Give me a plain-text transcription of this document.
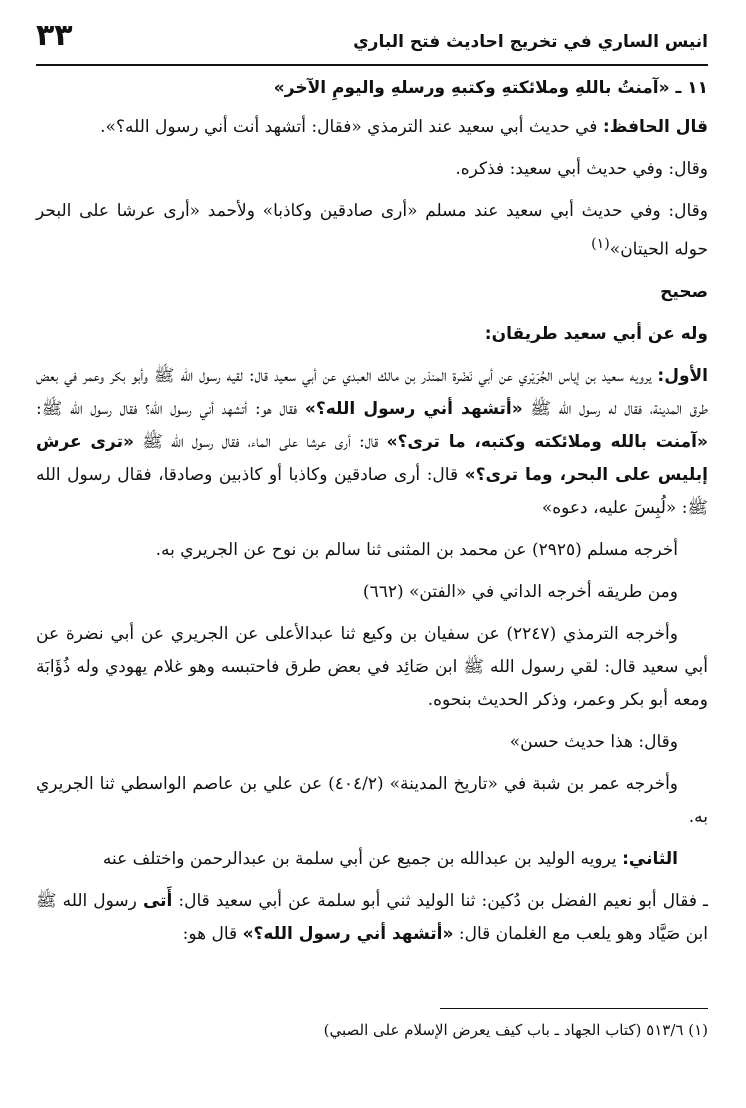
٣٣	انيس الساري في تخريج احاديث فتح الباري

١١ ـ «آمنتُ باللهِ وملائكتهِ وكتبهِ ورسلهِ واليومِ الآخر»

قال الحافظ: في حديث أبي سعيد عند الترمذي «فقال: أتشهد أنت أني رسول الله؟».

وقال: وفي حديث أبي سعيد: فذكره.

وقال: وفي حديث أبي سعيد عند مسلم «أرى صادقين وكاذبا» ولأحمد «أرى عرشا على البحر حوله الحيتان»$^{(١)}$

صحيح

وله عن أبي سعيد طريقان:

الأول: يرويه سعيد بن إياس الجُرَيْري عن أبي نَضْرة المنذر بن مالك العبدي عن أبي سعيد قال: لقيه رسول الله ﷺ وأبو بكر وعمر في بعض طرق المدينة، فقال له رسول الله ﷺ «أتشهد أني رسول الله؟» فقال هو: أتشهد أني رسول الله؟ فقال رسول الله ﷺ: «آمنت بالله وملائكته وكتبه، ما ترى؟» قال: أرى عرشا على الماء، فقال رسول الله ﷺ «ترى عرش إبليس على البحر، وما ترى؟» قال: أرى صادقين وكاذبا أو كاذبين وصادقا، فقال رسول الله ﷺ: «لُبِسَ عليه، دعوه»

أخرجه مسلم (٢٩٢٥) عن محمد بن المثنى ثنا سالم بن نوح عن الجريري به.

ومن طريقه أخرجه الداني في «الفتن» (٦٦٢)

وأخرجه الترمذي (٢٢٤٧) عن سفيان بن وكيع ثنا عبدالأعلى عن الجريري عن أبي نضرة عن أبي سعيد قال: لقي رسول الله ﷺ ابن صَائِد في بعض طرق فاحتبسه وهو غلام يهودي وله ذُؤَابَة ومعه أبو بكر وعمر، وذكر الحديث بنحوه.

وقال: هذا حديث حسن»

وأخرجه عمر بن شبة في «تاريخ المدينة» (٤٠٤/٢) عن علي بن عاصم الواسطي ثنا الجريري به.

الثاني: يرويه الوليد بن عبدالله بن جميع عن أبي سلمة بن عبدالرحمن واختلف عنه

ـ فقال أبو نعيم الفضل بن دُكين: ثنا الوليد ثني أبو سلمة عن أبي سعيد قال: أَتى رسول الله ﷺ ابن صَيَّاد وهو يلعب مع الغلمان قال: «أتشهد أني رسول الله؟» قال هو:

(١) ٥١٣/٦ (كتاب الجهاد ـ باب كيف يعرض الإسلام على الصبي)
